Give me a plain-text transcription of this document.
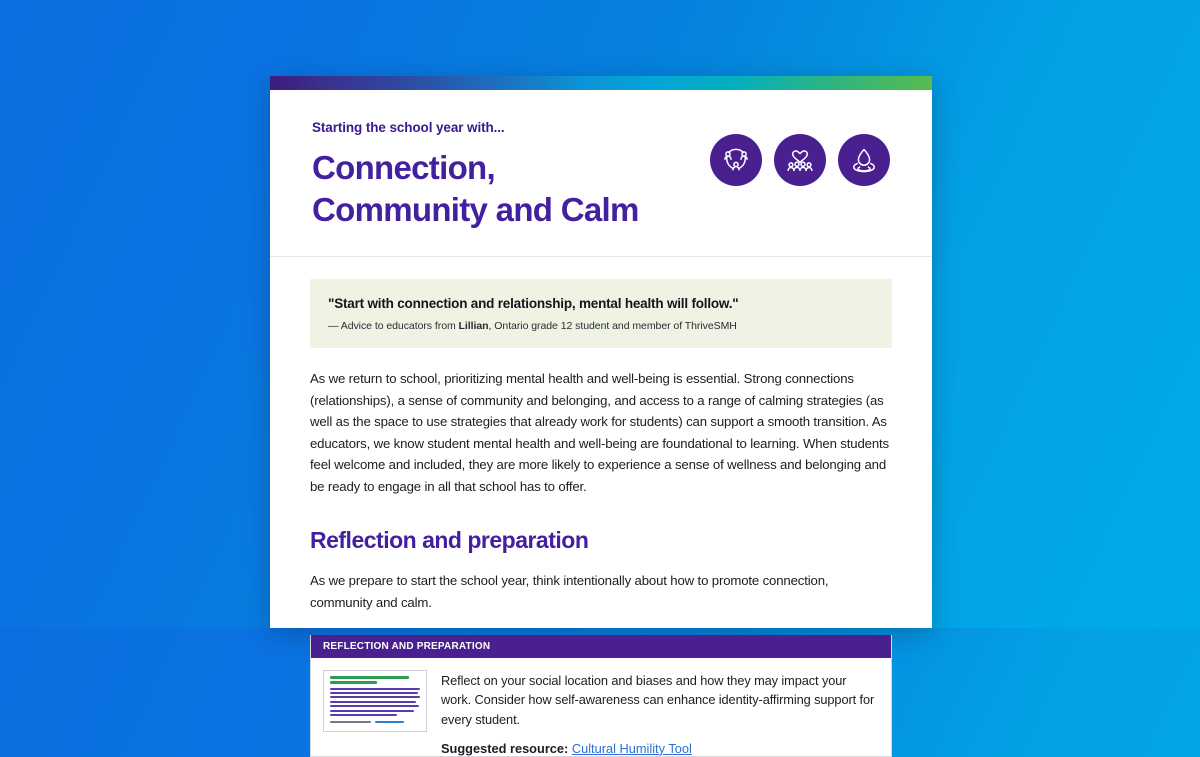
Starting the school year with...
Connection,
Community and Calm
"Start with connection and relationship, mental health will follow."
— Advice to educators from Lillian, Ontario grade 12 student and member of ThriveSMH

As we return to school, prioritizing mental health and well-being is essential. Strong connections (relationships), a sense of community and belonging, and access to a range of calming strategies (as well as the space to use strategies that already work for students) can support a smooth transition. As educators, we know student mental health and well-being are foundational to learning. When students feel welcome and included, they are more likely to experience a sense of wellness and belonging and be ready to engage in all that school has to offer.

Reflection and preparation

As we prepare to start the school year, think intentionally about how to promote connection, community and calm.

REFLECTION AND PREPARATION
Reflect on your social location and biases and how they may impact your work. Consider how self-awareness can enhance identity-affirming support for every student.
Suggested resource: Cultural Humility Tool
